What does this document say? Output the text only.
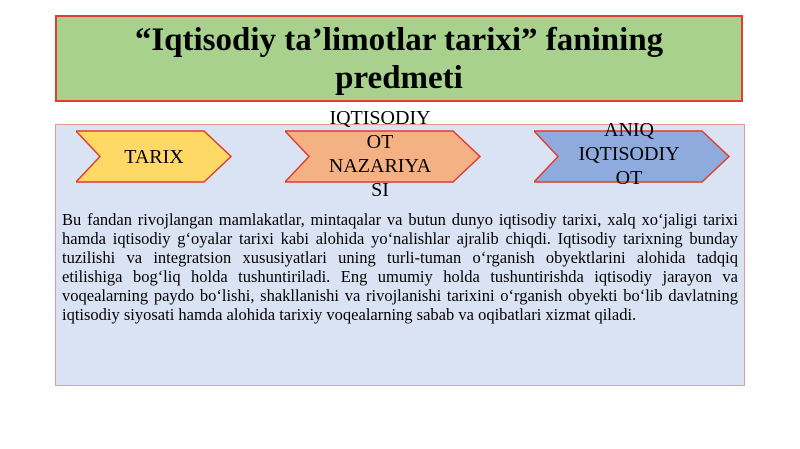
“Iqtisodiy ta’limotlar tarixi” fanining predmeti
TARIX
IQTISODIY OT NAZARIYA SI
ANIQ IQTISODIY OT

Bu fandan rivojlangan mamlakatlar, mintaqalar va butun dunyo iqtisodiy tarixi, xalq xo‘jaligi tarixi hamda iqtisodiy g‘oyalar tarixi kabi alohida yo‘nalishlar ajralib chiqdi. Iqtisodiy tarixning bunday tuzilishi va integratsion xususiyatlari uning turli-tuman o‘rganish obyektlarini alohida tadqiq etilishiga bog‘liq holda tushuntiriladi. Eng umumiy holda tushuntirishda iqtisodiy jarayon va voqealarning paydo bo‘lishi, shakllanishi va rivojlanishi tarixini o‘rganish obyekti bo‘lib davlatning iqtisodiy siyosati hamda alohida tarixiy voqealarning sabab va oqibatlari xizmat qiladi.
